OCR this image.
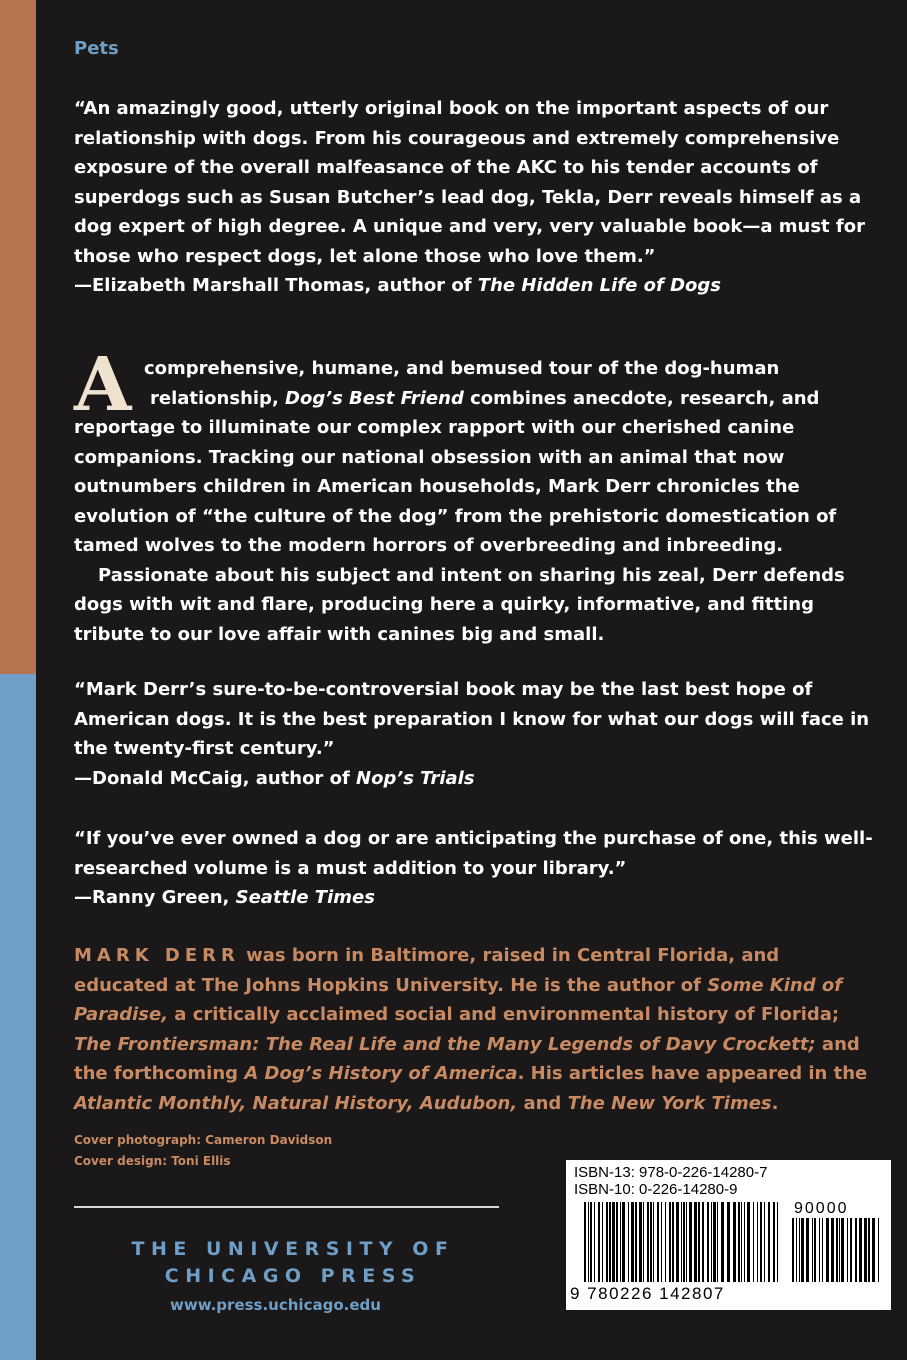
Pets
“An amazingly good, utterly original book on the important aspects of our relationship with dogs. From his courageous and extremely comprehensive exposure of the overall malfeasance of the AKC to his tender accounts of superdogs such as Susan Butcher’s lead dog, Tekla, Derr reveals himself as a dog expert of high degree. A unique and very, very valuable book—a must for those who respect dogs, let alone those who love them.”
—Elizabeth Marshall Thomas, author of The Hidden Life of Dogs
A comprehensive, humane, and bemused tour of the dog-human
relationship, Dog’s Best Friend combines anecdote, research, and
reportage to illuminate our complex rapport with our cherished canine companions. Tracking our national obsession with an animal that now outnumbers children in American households, Mark Derr chronicles the evolution of “the culture of the dog” from the prehistoric domestication of tamed wolves to the modern horrors of overbreeding and inbreeding.
Passionate about his subject and intent on sharing his zeal, Derr defends dogs with wit and flare, producing here a quirky, informative, and fitting tribute to our love affair with canines big and small.
“Mark Derr’s sure-to-be-controversial book may be the last best hope of American dogs. It is the best preparation I know for what our dogs will face in the twenty-first century.”
—Donald McCaig, author of Nop’s Trials
“If you’ve ever owned a dog or are anticipating the purchase of one, this well-researched volume is a must addition to your library.”
—Ranny Green, Seattle Times
MARK DERR was born in Baltimore, raised in Central Florida, and educated at The Johns Hopkins University. He is the author of Some Kind of Paradise, a critically acclaimed social and environmental history of Florida; The Frontiersman: The Real Life and the Many Legends of Davy Crockett; and the forthcoming A Dog’s History of America. His articles have appeared in the Atlantic Monthly, Natural History, Audubon, and The New York Times.
Cover photograph: Cameron Davidson
Cover design: Toni Ellis
THE UNIVERSITY OF
CHICAGO PRESS
www.press.uchicago.edu
ISBN-13: 978-0-226-14280-7
ISBN-10: 0-226-14280-9
90000
9 780226 142807
